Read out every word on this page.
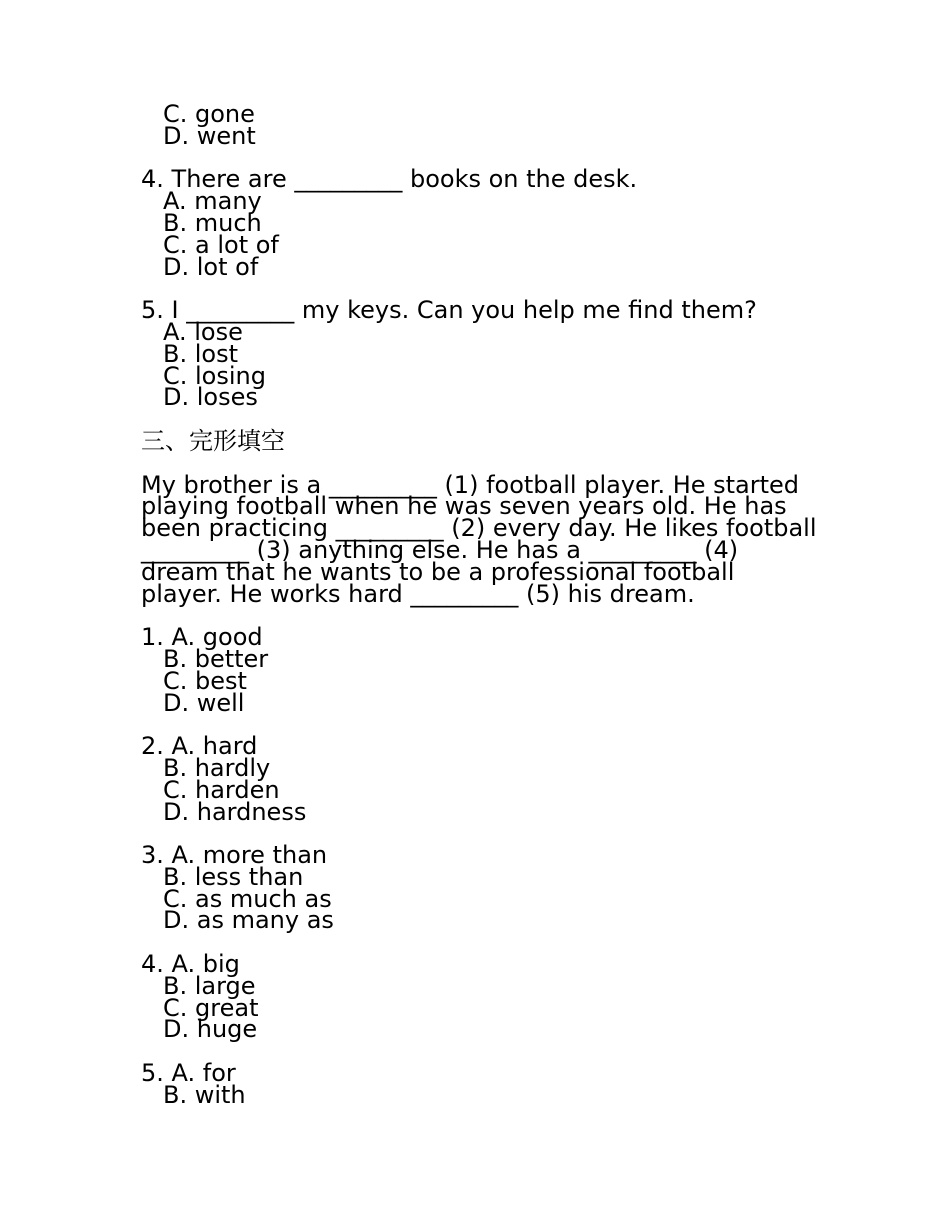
C. gone
D. went
4. There are _________ books on the desk.
A. many
B. much
C. a lot of
D. lot of
5. I _________ my keys. Can you help me find them?
A. lose
B. lost
C. losing
D. loses
三、完形填空
My brother is a _________ (1) football player. He started
playing football when he was seven years old. He has
been practicing _________ (2) every day. He likes football
_________ (3) anything else. He has a _________ (4)
dream that he wants to be a professional football
player. He works hard _________ (5) his dream.
1. A. good
B. better
C. best
D. well
2. A. hard
B. hardly
C. harden
D. hardness
3. A. more than
B. less than
C. as much as
D. as many as
4. A. big
B. large
C. great
D. huge
5. A. for
B. with
